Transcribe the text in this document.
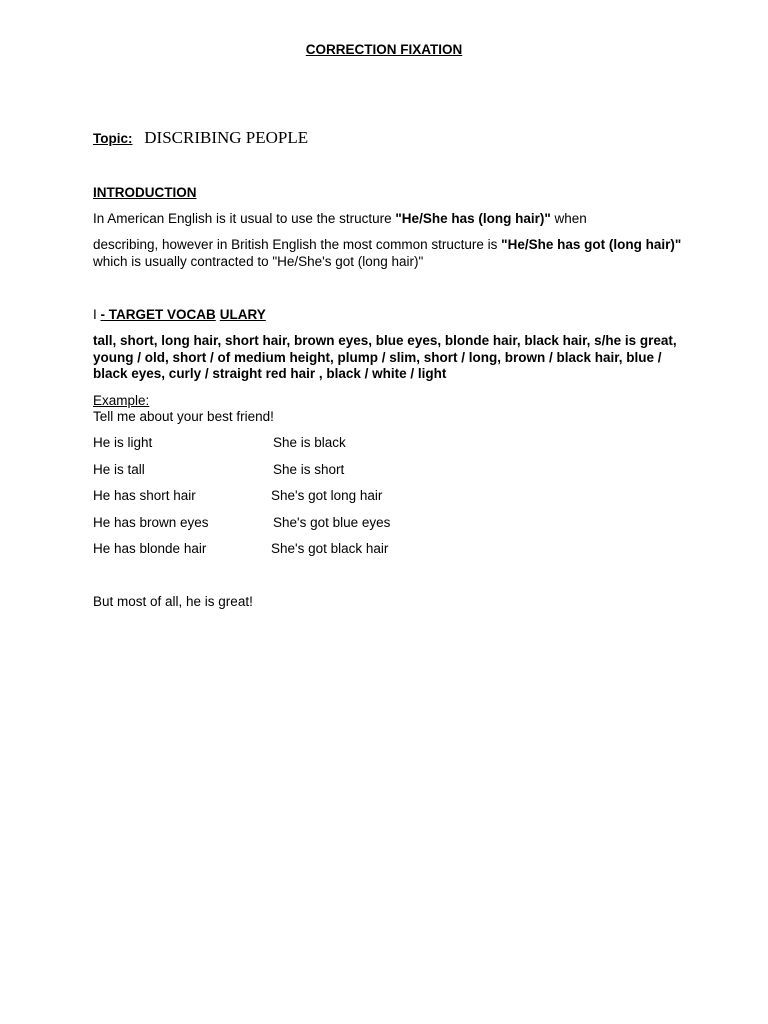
CORRECTION FIXATION
Topic: DISCRIBING PEOPLE
INTRODUCTION
In American English is it usual to use the structure "He/She has (long hair)" when
describing, however in British English the most common structure is "He/She has got (long hair)" which is usually contracted to "He/She's got (long hair)"
I - TARGET VOCAB ULARY
tall, short, long hair, short hair, brown eyes, blue eyes, blonde hair, black hair, s/he is great, young / old, short / of medium height, plump / slim, short / long, brown / black hair, blue / black eyes, curly / straight red hair , black / white / light
Example:
Tell me about your best friend!
He is light	She is black
He is tall	She is short
He has short hair	She's got long hair
He has brown eyes	She's got blue eyes
He has blonde hair	She's got black hair
But most of all, he is great!
